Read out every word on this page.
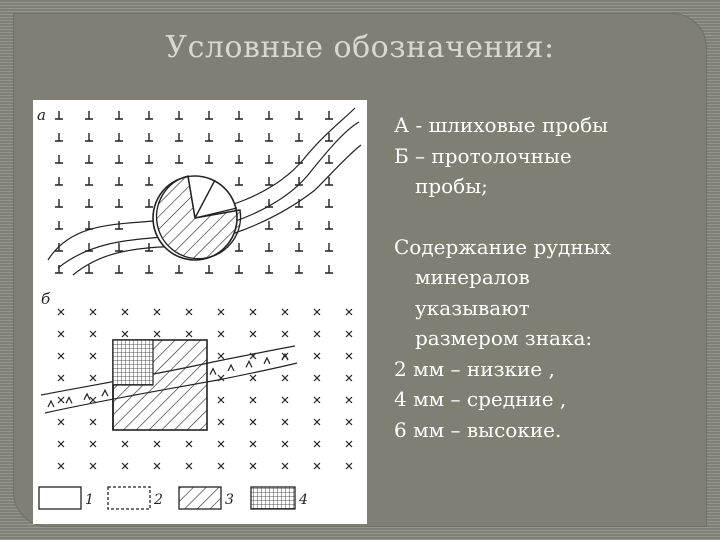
Условные обозначения:
а
б
1	2	3	4

А - шлиховые пробы

Б – протолочные

пробы;

Содержание рудных

минералов

указывают

размером знака:

2 мм – низкие ,

4 мм – средние ,

6 мм – высокие.
